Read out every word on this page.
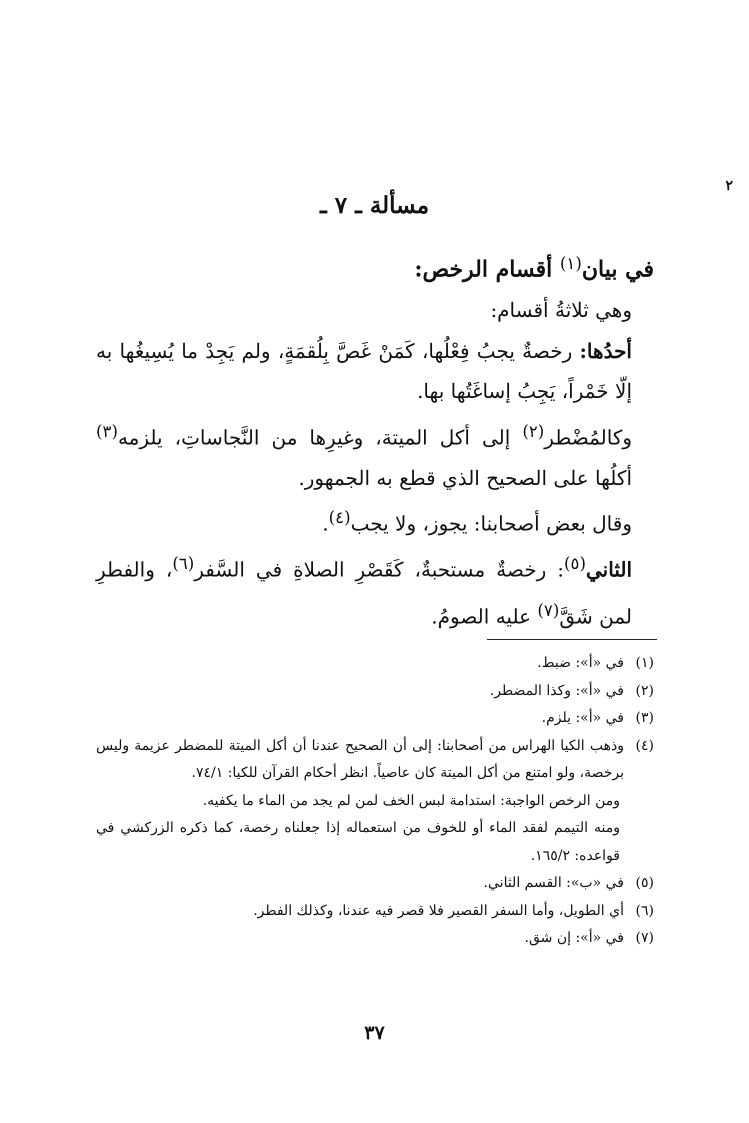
٢
مسألة ـ ٧ ـ

في بيان$^{(١)}$ أقسام الرخص:

وهي ثلاثةُ أقسام:

أحدُها: رخصةٌ يجبُ فِعْلُها، كَمَنْ غَصَّ بِلُقمَةٍ، ولم يَجِدْ ما يُسِيغُها به إلّا خَمْراً، يَجِبُ إساغَتُها بها.

وكالمُضْطر$^{(٢)}$ إلى أكل الميتة، وغيرِها من النَّجاساتِ، يلزمه$^{(٣)}$ أكلُها على الصحيح الذي قطع به الجمهور.

وقال بعض أصحابنا: يجوز، ولا يجب$^{(٤)}$.

الثاني$^{(٥)}$: رخصةٌ مستحبةٌ، كَقَصْرِ الصلاةِ في السَّفر$^{(٦)}$، والفطرِ لمن شَقَّ$^{(٧)}$ عليه الصومُ.

(١)
في «أ»: ضبط.
(٢)
في «أ»: وكذا المضطر.
(٣)
في «أ»: يلزم.
(٤)
وذهب الكيا الهراس من أصحابنا: إلى أن الصحيح عندنا أن أكل الميتة للمضطر عزيمة وليس برخصة، ولو امتنع من أكل الميتة كان عاصياً. انظر أحكام القرآن للكيا: ٧٤/١.
ومن الرخص الواجبة: استدامة لبس الخف لمن لم يجد من الماء ما يكفيه.
ومنه التيمم لفقد الماء أو للخوف من استعماله إذا جعلناه رخصة، كما ذكره الزركشي في قواعده: ١٦٥/٢.
(٥)
في «ب»: القسم الثاني.
(٦)
أي الطويل، وأما السفر القصير فلا قصر فيه عندنا، وكذلك الفطر.
(٧)
في «أ»: إن شق.
٣٧
